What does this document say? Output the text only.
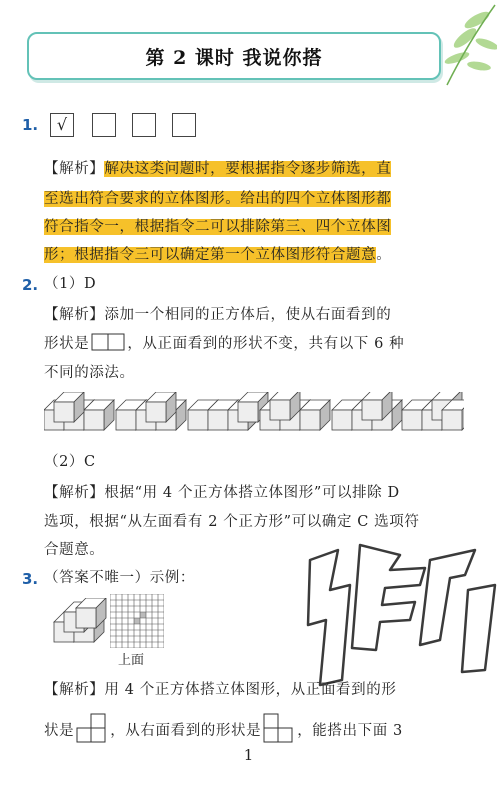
第 2 课时 我说你搭
1.	√
【解析】解决这类问题时，要根据指令逐步筛选，直
至选出符合要求的立体图形。给出的四个立体图形都
符合指令一，根据指令二可以排除第三、四个立体图
形；根据指令三可以确定第一个立体图形符合题意。
2. （1）D
【解析】添加一个相同的正方体后，使从右面看到的
形状是	，从正面看到的形状不变，共有以下 6 种
不同的添法。
（2）C
【解析】根据“用 4 个正方体搭立体图形”可以排除 D
选项，根据“从左面看有 2 个正方形”可以确定 C 选项符
合题意。
3. （答案不唯一）示例：
上面
【解析】用 4 个正方体搭立体图形，从正面看到的形
状是 ，从右面看到的形状是 ，能搭出下面 3
1
